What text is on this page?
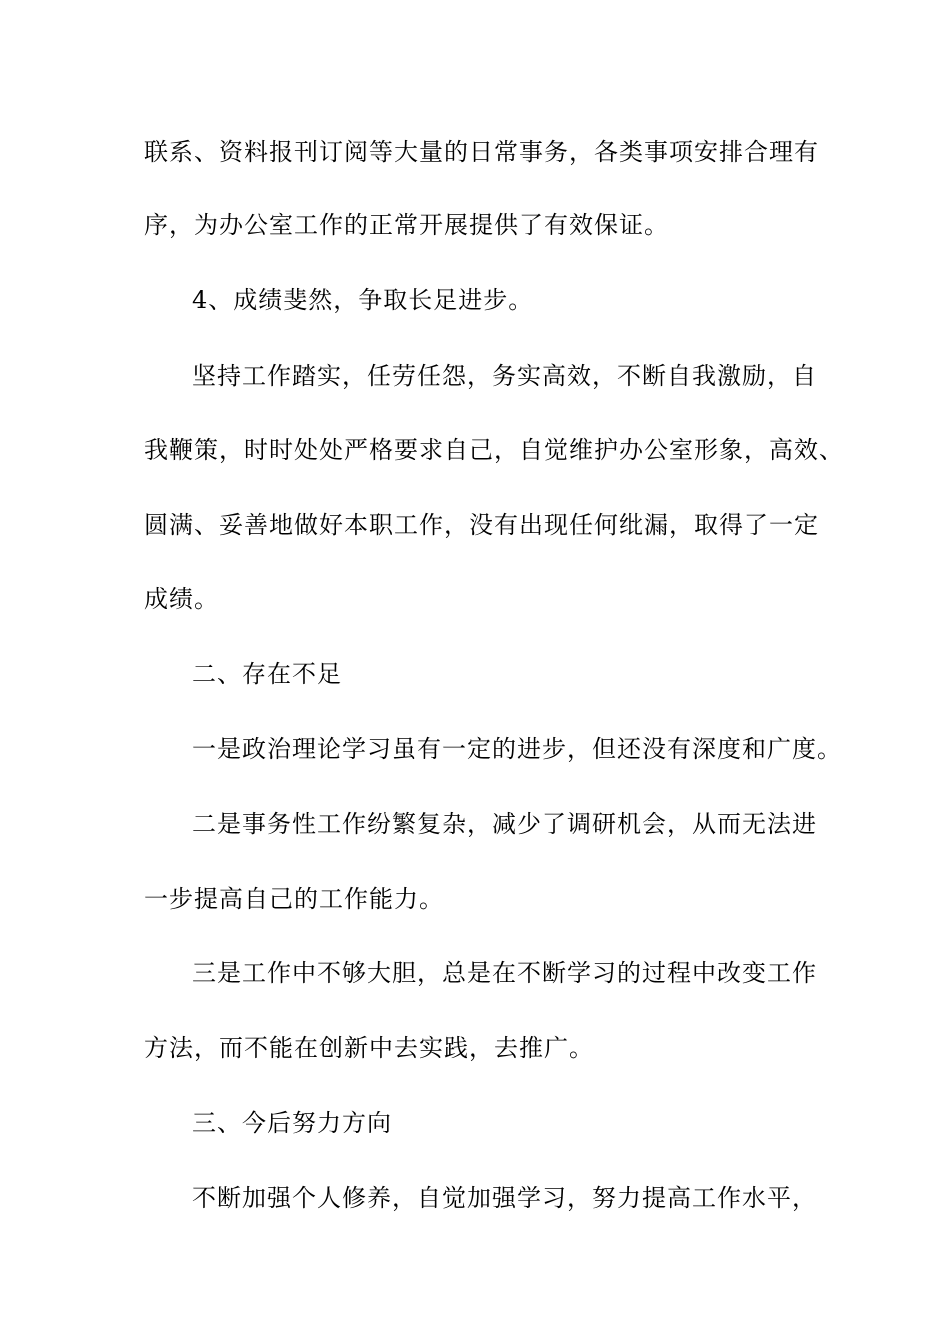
联系、资料报刊订阅等大量的日常事务，各类事项安排合理有
序，为办公室工作的正常开展提供了有效保证。
4、成绩斐然，争取长足进步。
坚持工作踏实，任劳任怨，务实高效，不断自我激励，自
我鞭策，时时处处严格要求自己，自觉维护办公室形象，高效、
圆满、妥善地做好本职工作，没有出现任何纰漏，取得了一定
成绩。
二、存在不足
一是政治理论学习虽有一定的进步，但还没有深度和广度。
二是事务性工作纷繁复杂，减少了调研机会，从而无法进
一步提高自己的工作能力。
三是工作中不够大胆，总是在不断学习的过程中改变工作
方法，而不能在创新中去实践，去推广。
三、今后努力方向
不断加强个人修养，自觉加强学习，努力提高工作水平，
